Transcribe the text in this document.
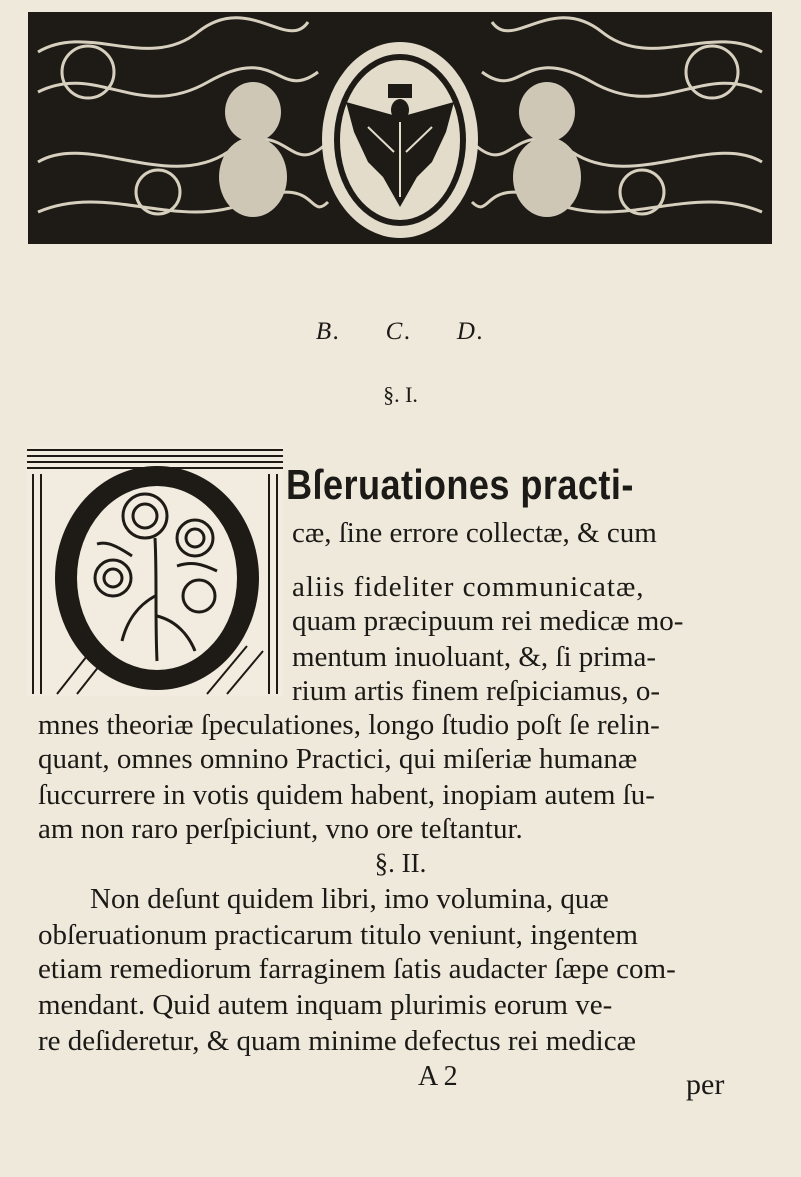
B. C. D.
§. I.
Bſeruationes practi-
cæ, ſine errore collectæ, & cum
aliis fideliter communicatæ,
quam præcipuum rei medicæ mo-
mentum inuoluant, &, ſi prima-
rium artis finem reſpiciamus, o-
mnes theoriæ ſpeculationes, longo ſtudio poſt ſe relin-
quant, omnes omnino Practici, qui miſeriæ humanæ
ſuccurrere in votis quidem habent, inopiam autem ſu-
am non raro perſpiciunt, vno ore teſtantur.
§. II.
Non deſunt quidem libri, imo volumina, quæ
obſeruationum practicarum titulo veniunt, ingentem
etiam remediorum farraginem ſatis audacter ſæpe com-
mendant. Quid autem inquam plurimis eorum ve-
re deſideretur, & quam minime defectus rei medicæ
A 2	per
